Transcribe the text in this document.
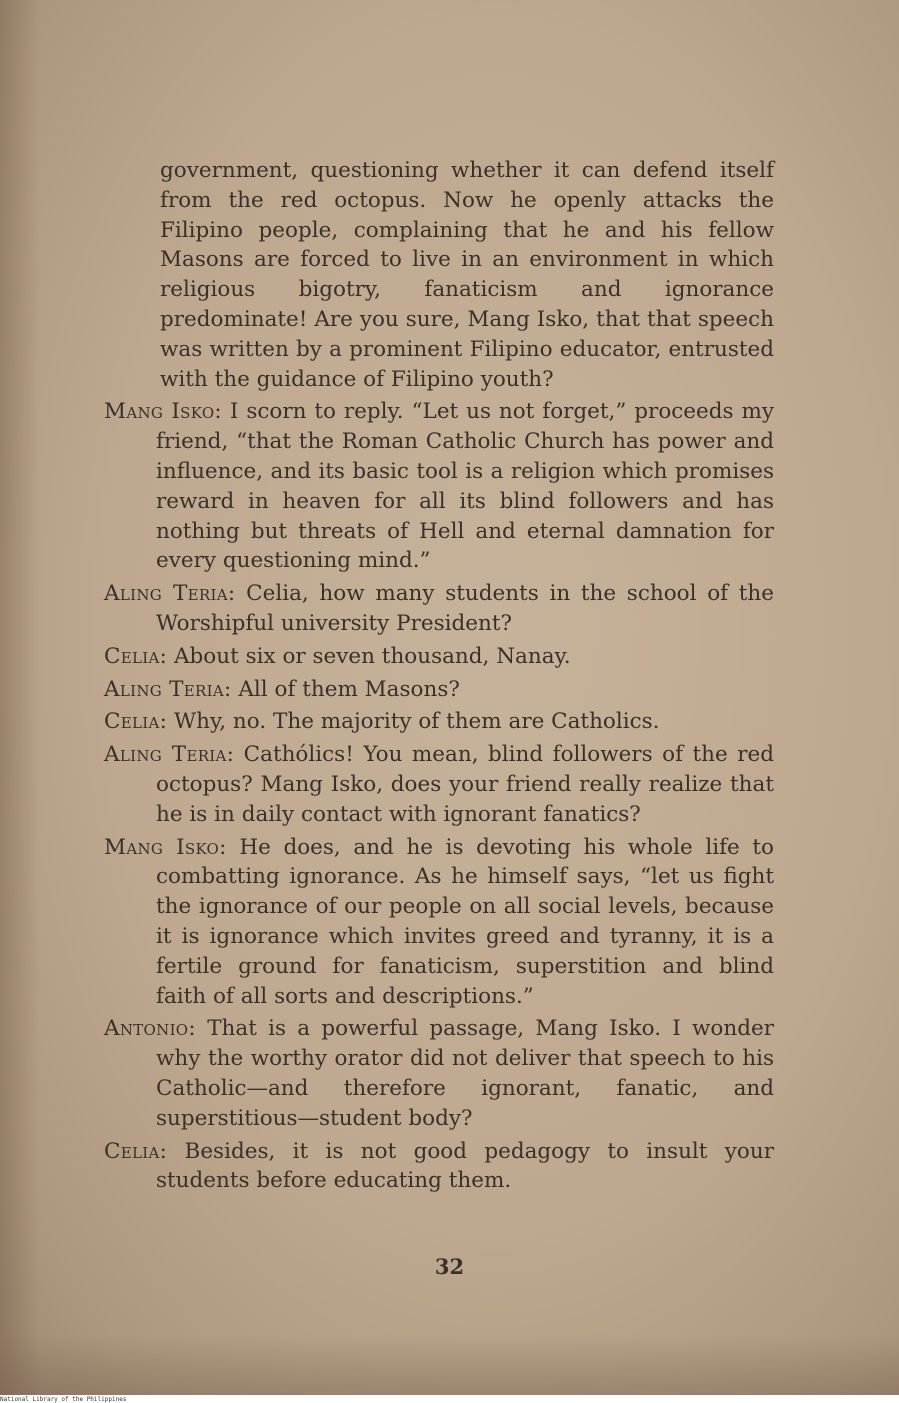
government, questioning whether it can defend itself from the red octopus. Now he openly attacks the Filipino people, complaining that he and his fellow Masons are forced to live in an environment in which religious bigotry, fanaticism and ignorance predominate! Are you sure, Mang Isko, that that speech was written by a prominent Filipino educator, entrusted with the guidance of Filipino youth?

Mang Isko: I scorn to reply. “Let us not forget,” proceeds my friend, “that the Roman Catholic Church has power and influence, and its basic tool is a religion which promises reward in heaven for all its blind followers and has nothing but threats of Hell and eternal damnation for every questioning mind.”

Aling Teria: Celia, how many students in the school of the Worshipful university President?

Celia: About six or seven thousand, Nanay.

Aling Teria: All of them Masons?

Celia: Why, no. The majority of them are Catholics.

Aling Teria: Cathólics! You mean, blind followers of the red octopus? Mang Isko, does your friend really realize that he is in daily contact with ignorant fanatics?

Mang Isko: He does, and he is devoting his whole life to combatting ignorance. As he himself says, “let us fight the ignorance of our people on all social levels, because it is ignorance which invites greed and tyranny, it is a fertile ground for fanaticism, superstition and blind faith of all sorts and descriptions.”

Antonio: That is a powerful passage, Mang Isko. I wonder why the worthy orator did not deliver that speech to his Catholic—and therefore ignorant, fanatic, and superstitious—student body?

Celia: Besides, it is not good pedagogy to insult your students before educating them.

32
National Library of the Philippines
